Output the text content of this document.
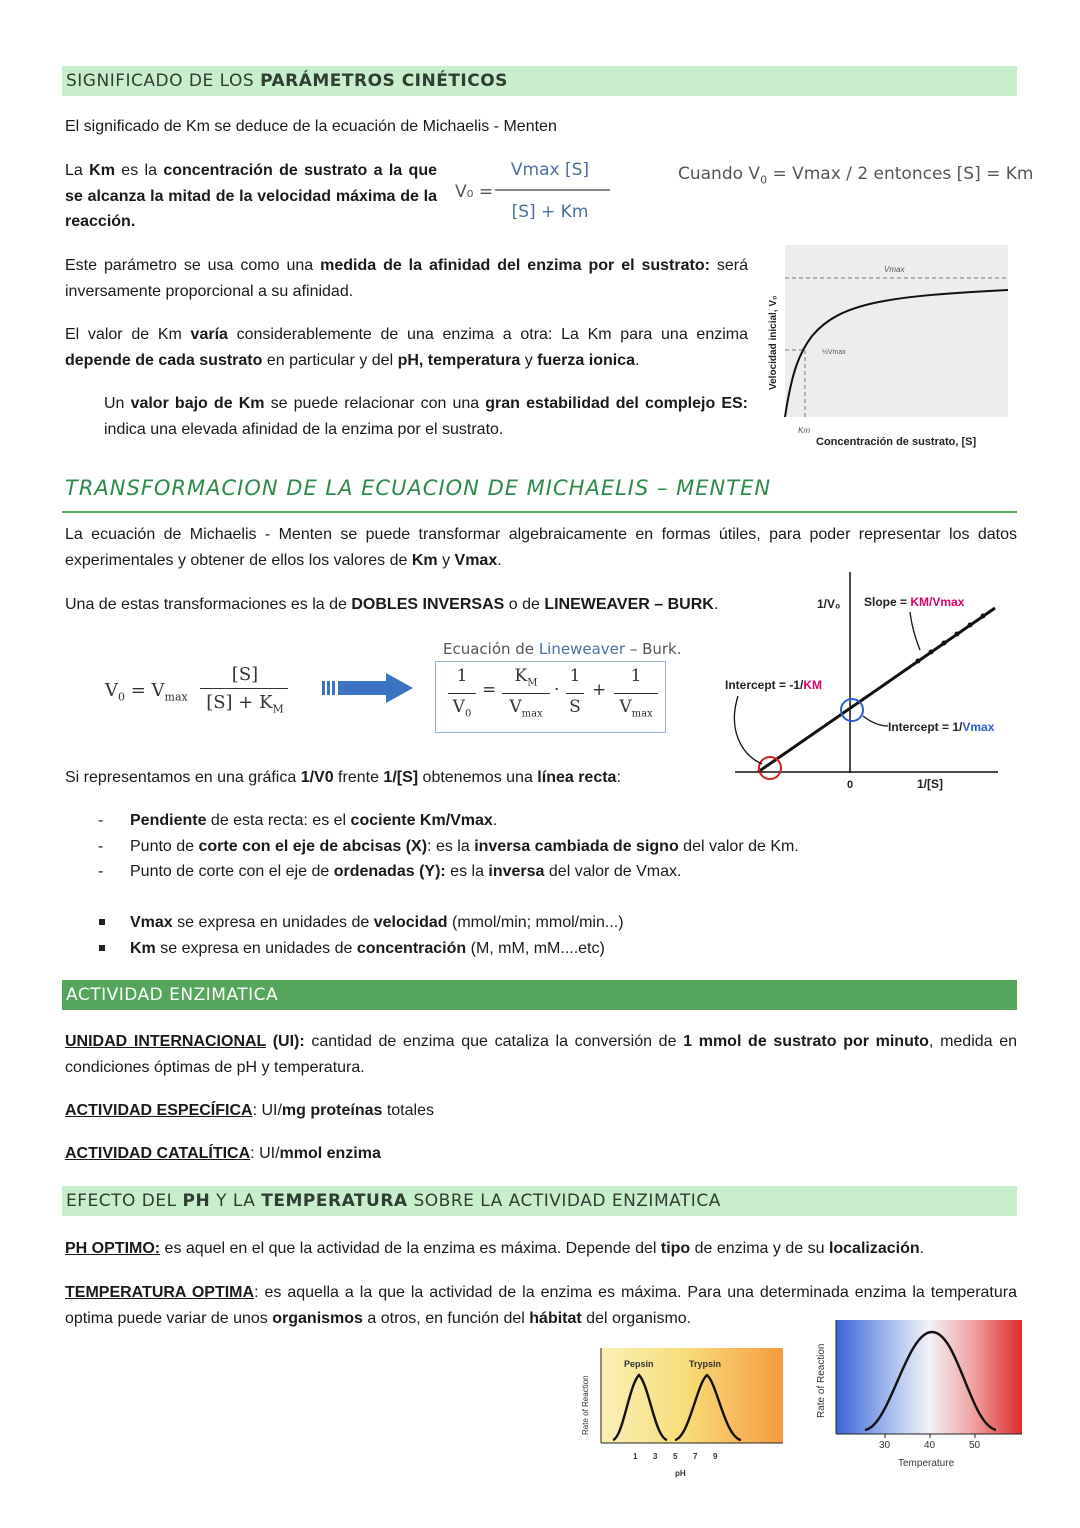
SIGNIFICADO DE LOS PARÁMETROS CINÉTICOS
El significado de Km se deduce de la ecuación de Michaelis - Menten
La Km es la concentración de sustrato a la que se alcanza la mitad de la velocidad máxima de la reacción.
V₀ =
Vmax [S]
[S] + Km
Cuando $V_0 = Vmax / 2$ entonces [S] = Km
Este parámetro se usa como una medida de la afinidad del enzima por el sustrato: será inversamente proporcional a su afinidad.
El valor de Km varía considerablemente de una enzima a otra: La Km para una enzima depende de cada sustrato en particular y del pH, temperatura y fuerza ionica.
Un valor bajo de Km se puede relacionar con una gran estabilidad del complejo ES: indica una elevada afinidad de la enzima por el sustrato.
Vmax
½Vmax
Km
Concentración de sustrato, [S]
Velocidad inicial, V₀
TRANSFORMACION DE LA ECUACION DE MICHAELIS – MENTEN
La ecuación de Michaelis - Menten se puede transformar algebraicamente en formas útiles, para poder representar los datos experimentales y obtener de ellos los valores de Km y Vmax.
Una de estas transformaciones es la de DOBLES INVERSAS o de LINEWEAVER – BURK.
$V_0 = V_{max}$
[S]
$[S] + K_M$
Ecuación de Lineweaver – Burk.
1
$V_0$
=
$K_M$
$V_{max}$
·
1
S
+
1
$V_{max}$
1/V₀ Slope = KM/Vmax
Intercept = -1/KM
Intercept = 1/Vmax
0	1/[S]
Si representamos en una gráfica 1/V0 frente 1/[S] obtenemos una línea recta:
- Pendiente de esta recta: es el cociente Km/Vmax.
- Punto de corte con el eje de abcisas (X): es la inversa cambiada de signo del valor de Km.
- Punto de corte con el eje de ordenadas (Y): es la inversa del valor de Vmax.
Vmax se expresa en unidades de velocidad (mmol/min; mmol/min...)
Km se expresa en unidades de concentración (M, mM, mM....etc)
ACTIVIDAD ENZIMATICA
UNIDAD INTERNACIONAL (UI): cantidad de enzima que cataliza la conversión de 1 mmol de sustrato por minuto, medida en condiciones óptimas de pH y temperatura.
ACTIVIDAD ESPECÍFICA: UI/mg proteínas totales
ACTIVIDAD CATALÍTICA: UI/mmol enzima
EFECTO DEL PH Y LA TEMPERATURA SOBRE LA ACTIVIDAD ENZIMATICA
PH OPTIMO: es aquel en el que la actividad de la enzima es máxima. Depende del tipo de enzima y de su localización.
TEMPERATURA OPTIMA: es aquella a la que la actividad de la enzima es máxima. Para una determinada enzima la temperatura optima puede variar de unos organismos a otros, en función del hábitat del organismo.
Pepsin	Trypsin
1 3 5 7 9
pH
Rate of Reaction
30	40	50
Temperature
Rate of Reaction
